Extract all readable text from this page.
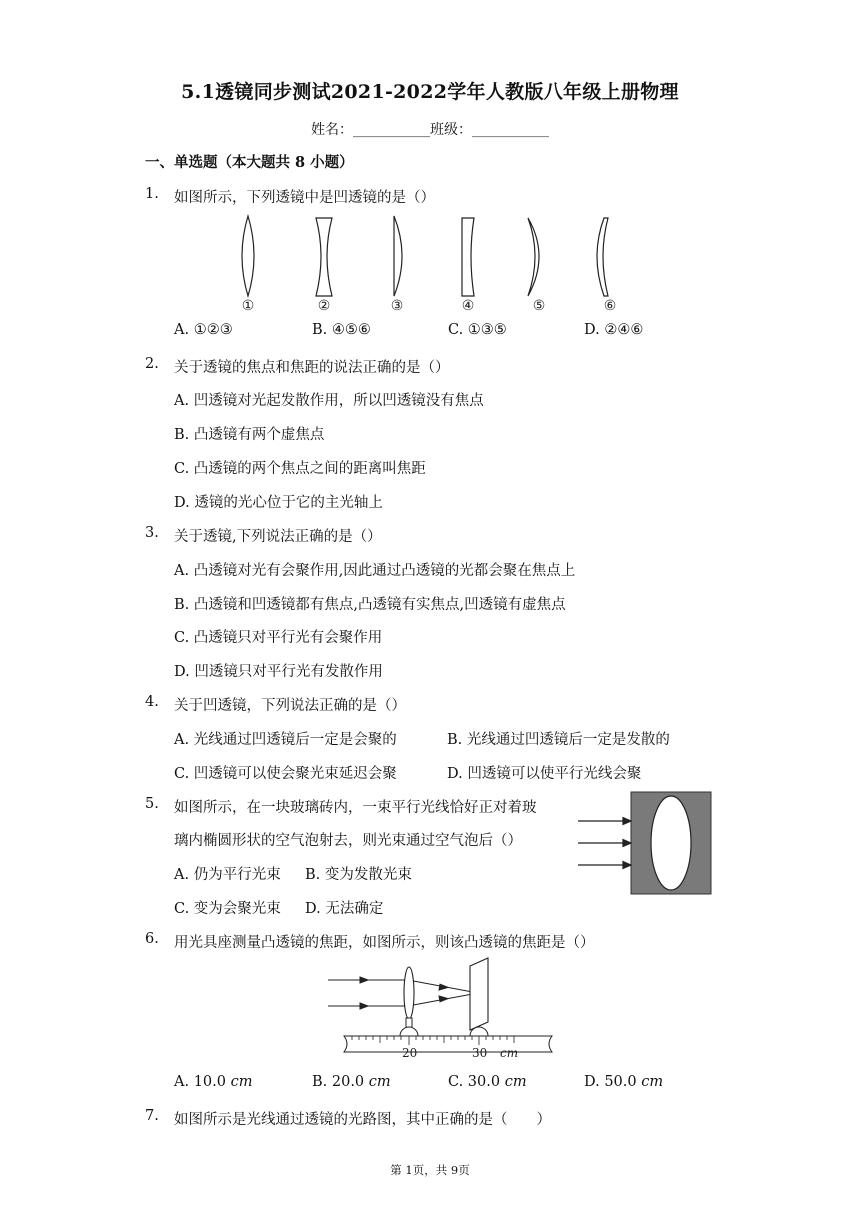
5.1透镜同步测试2021-2022学年人教版八年级上册物理
姓名：___________班级：___________
一、单选题（本大题共 8 小题）
1. 如图所示，下列透镜中是凹透镜的是（）
①	②	③	④	⑤	⑥
A. ①②③	B. ④⑤⑥	C. ①③⑤	D. ②④⑥
2. 关于透镜的焦点和焦距的说法正确的是（）
A. 凹透镜对光起发散作用，所以凹透镜没有焦点
B. 凸透镜有两个虚焦点
C. 凸透镜的两个焦点之间的距离叫焦距
D. 透镜的光心位于它的主光轴上
3. 关于透镜,下列说法正确的是（）
A. 凸透镜对光有会聚作用,因此通过凸透镜的光都会聚在焦点上
B. 凸透镜和凹透镜都有焦点,凸透镜有实焦点,凹透镜有虚焦点
C. 凸透镜只对平行光有会聚作用
D. 凹透镜只对平行光有发散作用
4. 关于凹透镜，下列说法正确的是（）
A. 光线通过凹透镜后一定是会聚的	B. 光线通过凹透镜后一定是发散的
C. 凹透镜可以使会聚光束延迟会聚	D. 凹透镜可以使平行光线会聚
5. 如图所示，在一块玻璃砖内，一束平行光线恰好正对着玻
璃内椭圆形状的空气泡射去，则光束通过空气泡后（）
A. 仍为平行光束 B. 变为发散光束
C. 变为会聚光束 D. 无法确定
6. 用光具座测量凸透镜的焦距，如图所示，则该凸透镜的焦距是（）
20	30 cm
A. 10.0 cm	B. 20.0 cm	C. 30.0 cm	D. 50.0 cm
7. 如图所示是光线通过透镜的光路图，其中正确的是（　　）
第 1页，共 9页
